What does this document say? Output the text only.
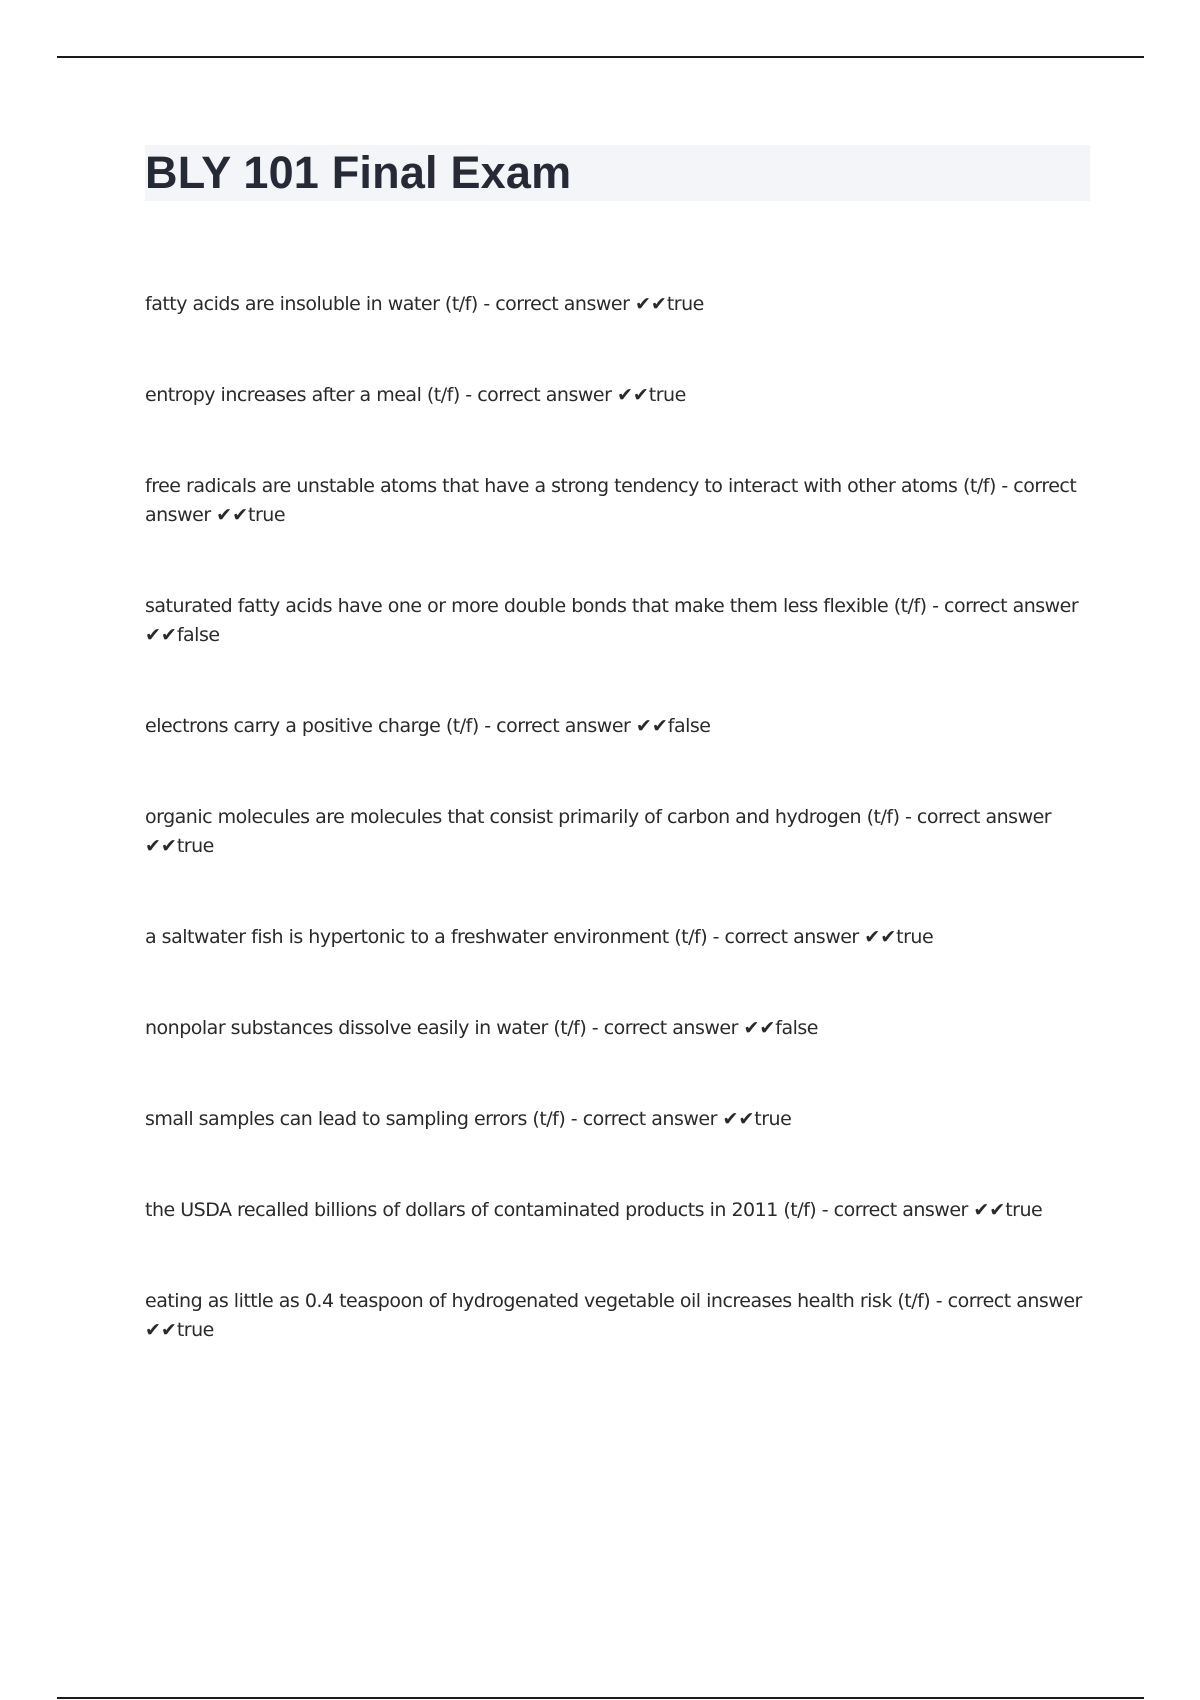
BLY 101 Final Exam
fatty acids are insoluble in water (t/f) - correct answer ✔✔true
entropy increases after a meal (t/f) - correct answer ✔✔true
free radicals are unstable atoms that have a strong tendency to interact with other atoms (t/f) - correct answer ✔✔true
saturated fatty acids have one or more double bonds that make them less flexible (t/f) - correct answer ✔✔false
electrons carry a positive charge (t/f) - correct answer ✔✔false
organic molecules are molecules that consist primarily of carbon and hydrogen (t/f) - correct answer ✔✔true
a saltwater fish is hypertonic to a freshwater environment (t/f) - correct answer ✔✔true
nonpolar substances dissolve easily in water (t/f) - correct answer ✔✔false
small samples can lead to sampling errors (t/f) - correct answer ✔✔true
the USDA recalled billions of dollars of contaminated products in 2011 (t/f) - correct answer ✔✔true
eating as little as 0.4 teaspoon of hydrogenated vegetable oil increases health risk (t/f) - correct answer ✔✔true
